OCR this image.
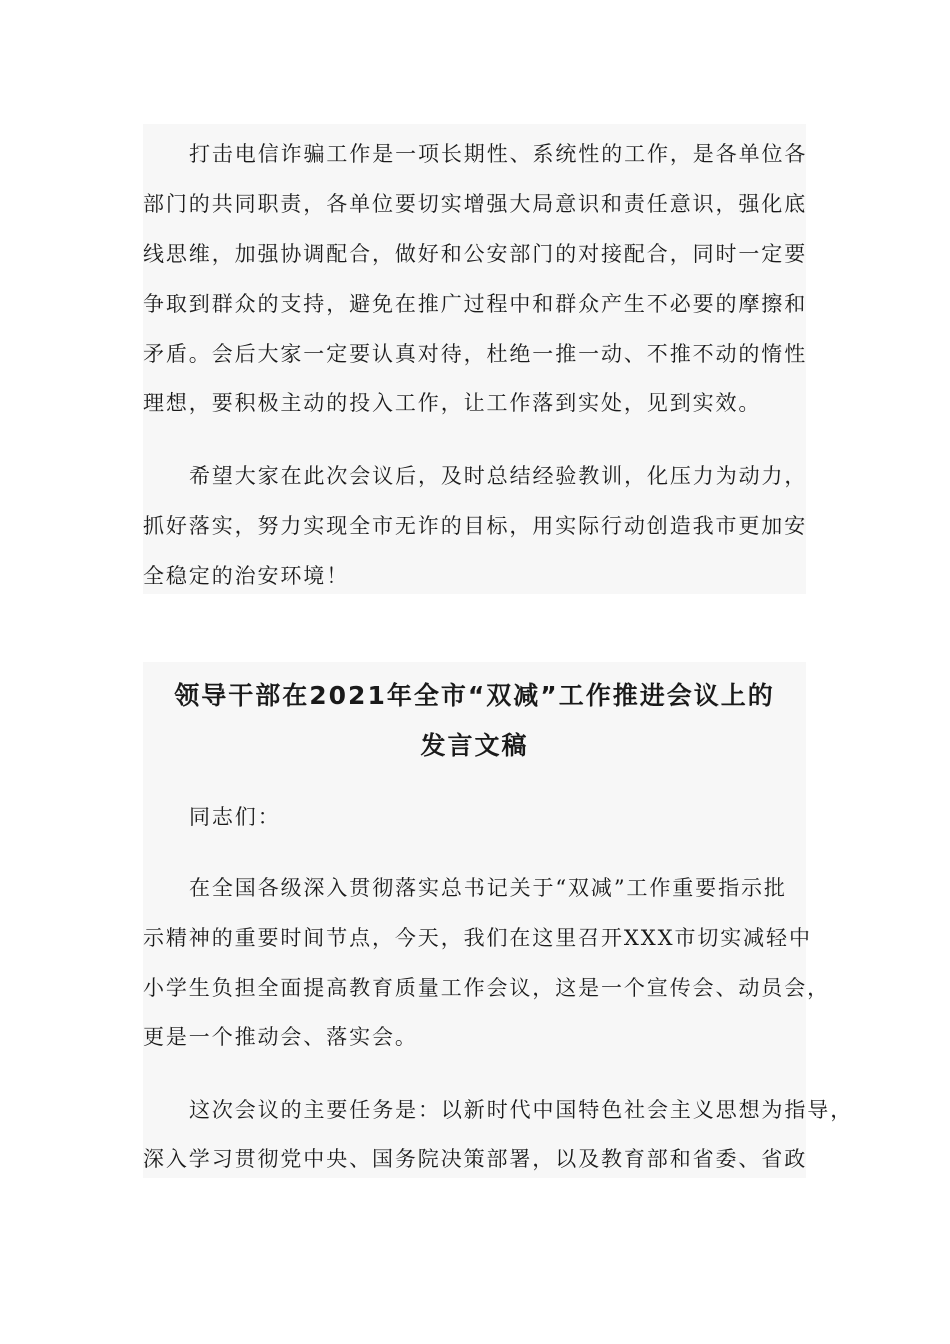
打击电信诈骗工作是一项长期性、系统性的工作，是各单位各
部门的共同职责，各单位要切实增强大局意识和责任意识，强化底
线思维，加强协调配合，做好和公安部门的对接配合，同时一定要
争取到群众的支持，避免在推广过程中和群众产生不必要的摩擦和
矛盾。会后大家一定要认真对待，杜绝一推一动、不推不动的惰性
理想，要积极主动的投入工作，让工作落到实处，见到实效。
希望大家在此次会议后，及时总结经验教训，化压力为动力，
抓好落实，努力实现全市无诈的目标，用实际行动创造我市更加安
全稳定的治安环境！
领导干部在2021年全市“双减”工作推进会议上的
发言文稿
同志们：
在全国各级深入贯彻落实总书记关于“双减”工作重要指示批
示精神的重要时间节点，今天，我们在这里召开XXX市切实减轻中
小学生负担全面提高教育质量工作会议，这是一个宣传会、动员会，
更是一个推动会、落实会。
这次会议的主要任务是：以新时代中国特色社会主义思想为指导，
深入学习贯彻党中央、国务院决策部署，以及教育部和省委、省政
